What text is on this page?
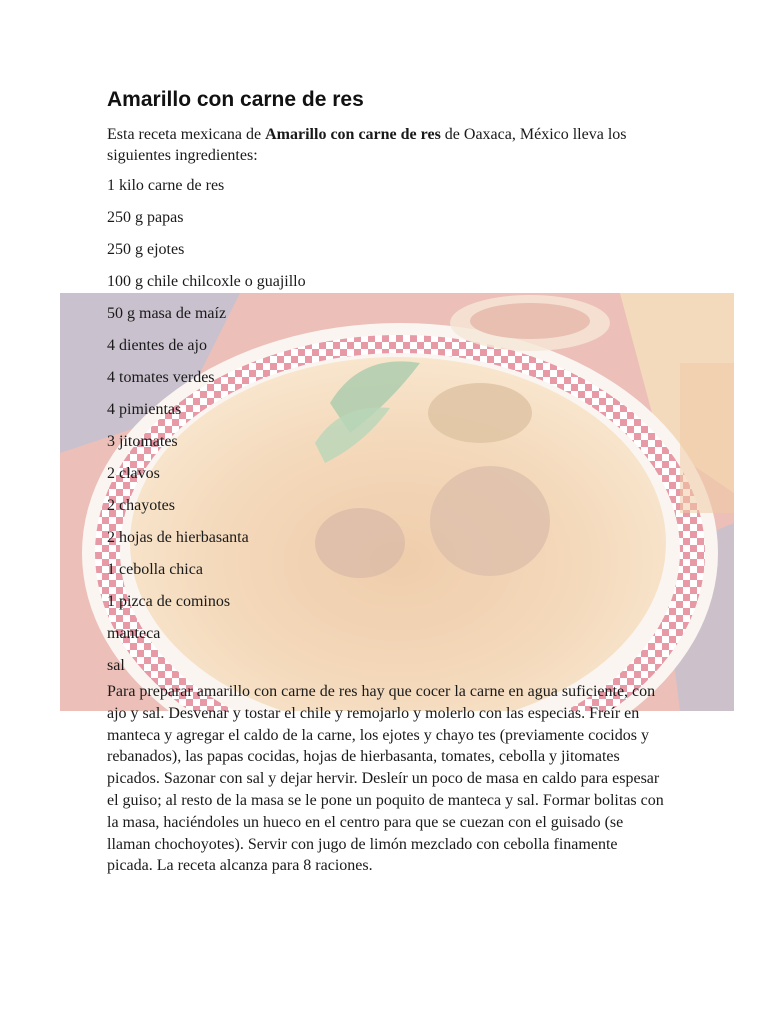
Amarillo con carne de res

Esta receta mexicana de Amarillo con carne de res de Oaxaca, México lleva los siguientes ingredientes:

1 kilo carne de res
250 g papas
250 g ejotes
100 g chile chilcoxle o guajillo
50 g masa de maíz
4 dientes de ajo
4 tomates verdes
4 pimientas
3 jitomates
2 clavos
2 chayotes
2 hojas de hierbasanta
1 cebolla chica
1 pizca de cominos
manteca
sal

Para preparar amarillo con carne de res hay que cocer la carne en agua suficiente, con ajo y sal. Desvenar y tostar el chile y remojarlo y molerlo con las especias. Freír en manteca y agregar el caldo de la carne, los ejotes y chayo tes (previamente cocidos y rebanados), las papas cocidas, hojas de hierbasanta, tomates, cebolla y jitomates picados. Sazonar con sal y dejar hervir. Desleír un poco de masa en caldo para espesar el guiso; al resto de la masa se le pone un poquito de manteca y sal. Formar bolitas con la masa, haciéndoles un hueco en el centro para que se cuezan con el guisado (se llaman chochoyotes). Servir con jugo de limón mezclado con cebolla finamente picada. La receta alcanza para 8 raciones.
